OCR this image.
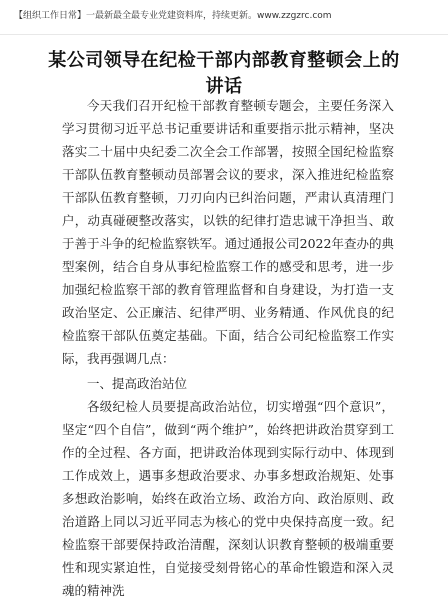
【组织工作日常】一最新最全最专业党建资料库，持续更新。www.zzgzrc.com
某公司领导在纪检干部内部教育整顿会上的讲话

今天我们召开纪检干部教育整顿专题会，主要任务深入学习贯彻习近平总书记重要讲话和重要指示批示精神，坚决落实二十届中央纪委二次全会工作部署，按照全国纪检监察干部队伍教育整顿动员部署会议的要求，深入推进纪检监察干部队伍教育整顿，刀刃向内已纠治问题，严肃认真清理门户，动真碰硬整改落实，以铁的纪律打造忠诚干净担当、敢于善于斗争的纪检监察铁军。通过通报公司2022年查办的典型案例，结合自身从事纪检监察工作的感受和思考，进一步加强纪检监察干部的教育管理监督和自身建设，为打造一支政治坚定、公正廉洁、纪律严明、业务精通、作风优良的纪检监察干部队伍奠定基础。下面，结合公司纪检监察工作实际，我再强调几点：

一、提高政治站位

各级纪检人员要提高政治站位，切实增强“四个意识”，坚定“四个自信”，做到“两个维护”，始终把讲政治贯穿到工作的全过程、各方面，把讲政治体现到实际行动中、体现到工作成效上，遇事多想政治要求、办事多想政治规矩、处事多想政治影响，始终在政治立场、政治方向、政治原则、政治道路上同以习近平同志为核心的党中央保持高度一致。纪检监察干部要保持政治清醒，深刻认识教育整顿的极端重要性和现实紧迫性，自觉接受刻骨铭心的革命性锻造和深入灵魂的精神洗
